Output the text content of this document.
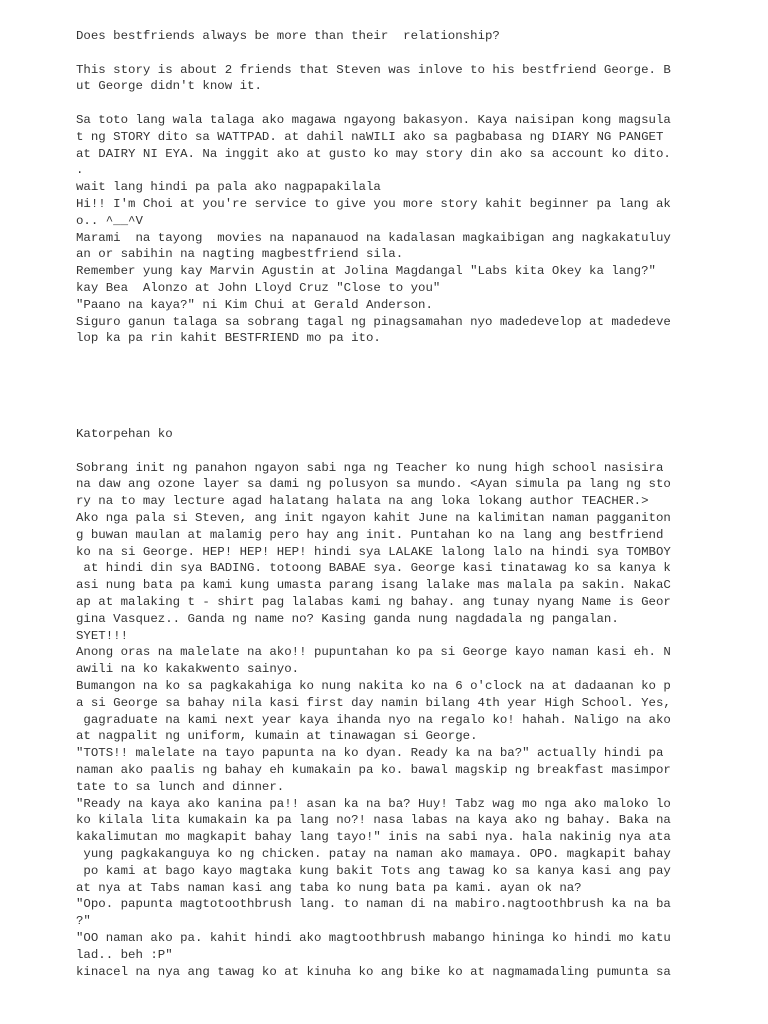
Does bestfriends always be more than their  relationship?

This story is about 2 friends that Steven was inlove to his bestfriend George. B
ut George didn't know it.

Sa toto lang wala talaga ako magawa ngayong bakasyon. Kaya naisipan kong magsula
t ng STORY dito sa WATTPAD. at dahil naWILI ako sa pagbabasa ng DIARY NG PANGET
at DAIRY NI EYA. Na inggit ako at gusto ko may story din ako sa account ko dito.
.
wait lang hindi pa pala ako nagpapakilala
Hi!! I'm Choi at you're service to give you more story kahit beginner pa lang ak
o.. ^__^V
Marami  na tayong  movies na napanauod na kadalasan magkaibigan ang nagkakatuluy
an or sabihin na nagting magbestfriend sila.
Remember yung kay Marvin Agustin at Jolina Magdangal "Labs kita Okey ka lang?"
kay Bea  Alonzo at John Lloyd Cruz "Close to you"
"Paano na kaya?" ni Kim Chui at Gerald Anderson.
Siguro ganun talaga sa sobrang tagal ng pinagsamahan nyo madedevelop at madedeve
lop ka pa rin kahit BESTFRIEND mo pa ito.
Katorpehan ko

Sobrang init ng panahon ngayon sabi nga ng Teacher ko nung high school nasisira
na daw ang ozone layer sa dami ng polusyon sa mundo. <Ayan simula pa lang ng sto
ry na to may lecture agad halatang halata na ang loka lokang author TEACHER.>
Ako nga pala si Steven, ang init ngayon kahit June na kalimitan naman pagganiton
g buwan maulan at malamig pero hay ang init. Puntahan ko na lang ang bestfriend
ko na si George. HEP! HEP! HEP! hindi sya LALAKE lalong lalo na hindi sya TOMBOY
at hindi din sya BADING. totoong BABAE sya. George kasi tinatawag ko sa kanya k
asi nung bata pa kami kung umasta parang isang lalake mas malala pa sakin. NakaC
ap at malaking t - shirt pag lalabas kami ng bahay. ang tunay nyang Name is Geor
gina Vasquez.. Ganda ng name no? Kasing ganda nung nagdadala ng pangalan.
SYET!!!
Anong oras na malelate na ako!! pupuntahan ko pa si George kayo naman kasi eh. N
awili na ko kakakwento sainyo.
Bumangon na ko sa pagkakahiga ko nung nakita ko na 6 o'clock na at dadaanan ko p
a si George sa bahay nila kasi first day namin bilang 4th year High School. Yes,
gagraduate na kami next year kaya ihanda nyo na regalo ko! hahah. Naligo na ako
at nagpalit ng uniform, kumain at tinawagan si George.
"TOTS!! malelate na tayo papunta na ko dyan. Ready ka na ba?" actually hindi pa
naman ako paalis ng bahay eh kumakain pa ko. bawal magskip ng breakfast masimpor
tate to sa lunch and dinner.
"Ready na kaya ako kanina pa!! asan ka na ba? Huy! Tabz wag mo nga ako maloko lo
ko kilala lita kumakain ka pa lang no?! nasa labas na kaya ako ng bahay. Baka na
kakalimutan mo magkapit bahay lang tayo!" inis na sabi nya. hala nakinig nya ata
yung pagkakanguya ko ng chicken. patay na naman ako mamaya. OPO. magkapit bahay
po kami at bago kayo magtaka kung bakit Tots ang tawag ko sa kanya kasi ang pay
at nya at Tabs naman kasi ang taba ko nung bata pa kami. ayan ok na?
"Opo. papunta magtotoothbrush lang. to naman di na mabiro.nagtoothbrush ka na ba
?"
"OO naman ako pa. kahit hindi ako magtoothbrush mabango hininga ko hindi mo katu
lad.. beh :P"
kinacel na nya ang tawag ko at kinuha ko ang bike ko at nagmamadaling pumunta sa
